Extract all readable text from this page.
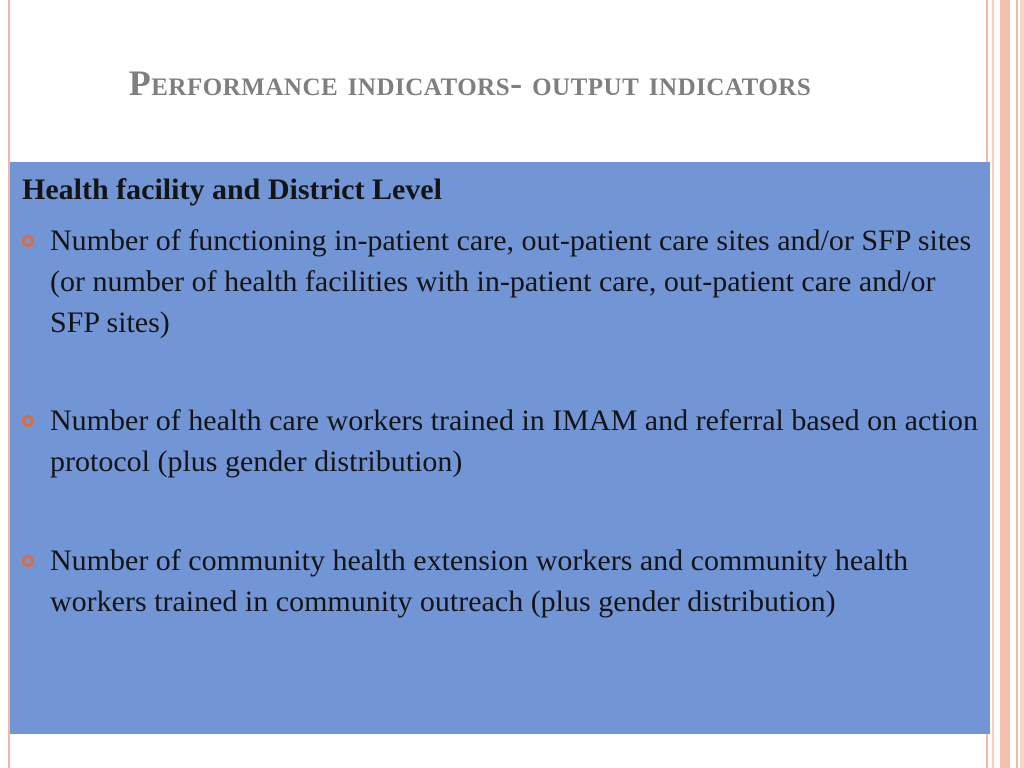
Performance indicators- output indicators
Health facility and District Level
Number of functioning in-patient care, out-patient care sites and/or SFP sites (or number of health facilities with in-patient care, out-patient care and/or SFP sites)
Number of health care workers trained in IMAM and referral based on action protocol (plus gender distribution)
Number of community health extension workers and community health workers trained in community outreach (plus gender distribution)
